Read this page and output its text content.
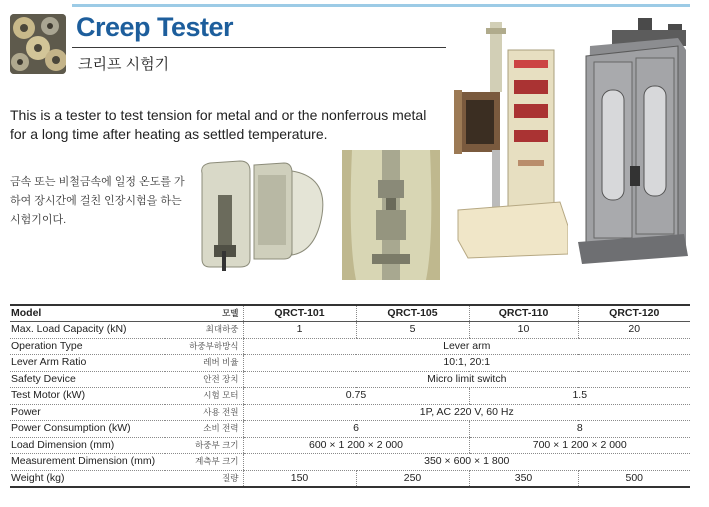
Creep Tester
크리프 시험기

This is a tester to test tension for metal and or the nonferrous metal for a long time after heating as settled temperature.

금속 또는 비철금속에 일정 온도를 가하여 장시간에 걸친 인장시험을 하는 시험기이다.

Model	모델	QRCT-101	QRCT-105	QRCT-110	QRCT-120
Max. Load Capacity (kN)	최대하중	1	5	10	20
Operation Type	하중부하방식	Lever arm			
Lever Arm Ratio	레버 비율	10:1, 20:1			
Safety Device	안전 장치	Micro limit switch			
Test Motor (kW)	시험 모터	0.75		1.5	
Power	사용 전원	1P, AC 220 V, 60 Hz			
Power Consumption (kW)	소비 전력	6		8	
Load Dimension (mm)	하중부 크기	600 × 1 200 × 2 000		700 × 1 200 × 2 000	
Measurement Dimension (mm)	계측부 크기	350 × 600 × 1 800			
Weight (kg)	질량	150	250	350	500
